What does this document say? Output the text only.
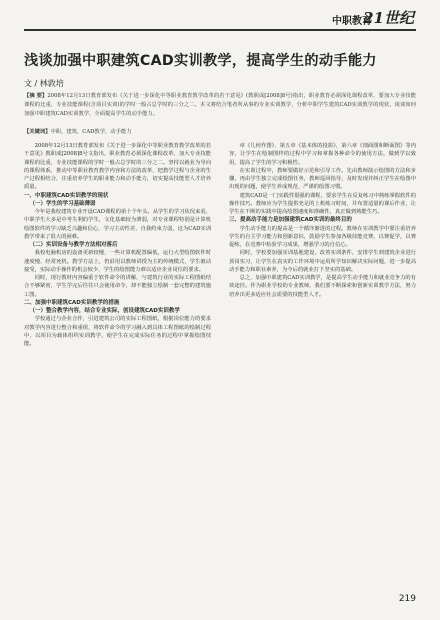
中职教育
21世纪
浅谈加强中职建筑CAD实训教学，提高学生的动手能力
文 / 林敦培
【摘 要】2008年12月13日教育部发布《关于进一步深化中等职业教育教学改革的若干意见》(教职成[2008]8号)指出，职业教育必须深化课程改革，要加大专业技能课程的比重，专业技能课程(含项目实训)的学时一般占总学时的三分之二。本文将结合笔者所从事的专业实训教学，分析中职学生建筑CAD实训教学的现状，谈谈如何加强中职建筑CAD实训教学，全面提高学生的动手能力。
【关键词】中职，建筑，CAD教学，动手能力

2008年12月13日教育部发布《关于进一步深化中等职业教育教学改革的若干意见》教职成[2008]8号文指出，职业教育必须深化课程改革，加大专业技能课程的比重，专业技能课程的学时一般占总学时的三分之二。坚持以就业为导向的课程体系，推动中等职业教育教学内容和方法的改革，把教学过程与企业的生产过程相结合，注重培养学生的职业能力和动手能力，切实提高技能型人才培养质量。

一、中职建筑CAD实训教学的现状
（一）学生的学习基础薄弱

今年是我校建筑专业开设CAD课程的第十个年头。从学生的学习状况来看，中职学生大多是中考失利的学生，文化基础较为薄弱，对专业课程特别是计算机绘图软件的学习缺乏兴趣和信心，学习主动性差，自我约束力弱，这为CAD实训教学带来了很大的困难。

（二）实训设备与教学方法相对落后

我校电脑机房的设备更新较慢，一些计算机配置偏低，运行大型绘图软件时速度慢、经常死机。教学方法上，仍沿用以教师讲授为主的传统模式，学生被动接受，实际动手操作的机会较少，学生的绘图能力难以适应企业岗位的要求。

同时，现行教材内容偏重于软件命令的讲解，与建筑行业的实际工程图纸结合不够紧密，学生学完后往往只会使用命令，却不能独立绘制一套完整的建筑施工图。

二、加强中职建筑CAD实训教学的措施
（一）整合教学内容，结合专业实际，创设建筑CAD实训教学

学校通过与企业合作，引进建筑公司的实际工程图纸，根据岗位能力的要求对教学内容进行整合和重组，将软件命令的学习融入到具体工程图纸的绘制过程中，以项目为载体组织实训教学，使学生在完成实际任务的过程中掌握绘图技能。

章《几何作图》、第五章《基本体的投影》，第六章《剖面图和断面图》等内容，让学生在绘制图样的过程中学习和掌握各种命令的使用方法，做到学以致用，提高了学生的学习积极性。

在实训过程中，教师要做好示范和引导工作。先由教师演示绘图的方法和步骤，再由学生独立完成绘图任务，教师巡回指导，及时发现并纠正学生在绘图中出现的问题，使学生养成规范、严谨的绘图习惯。

建筑CAD是一门实践性很强的课程，要求学生在反复练习中熟练掌握软件的操作技巧。教师应为学生提供充足的上机练习时间，并布置适量的课后作业，让学生在不断的实践中提高绘图速度和准确性，真正做到熟能生巧。

三、提高动手能力是加强建筑CAD实训的最终目的

学生动手能力的提高是一个循序渐进的过程。教师在实训教学中要注重培养学生的自主学习能力和创新意识，鼓励学生参加各级技能竞赛，以赛促学，以赛促练，在竞赛中检验学习成果，增强学习的自信心。

同时，学校要加强实训基地建设，改善实训条件，安排学生到建筑企业进行顶岗实习，让学生在真实的工作环境中运用所学知识解决实际问题，进一步提高动手能力和职业素养，为今后的就业打下坚实的基础。

总之，加强中职建筑CAD实训教学，是提高学生动手能力和就业竞争力的有效途径。作为职业学校的专业教师，我们要不断探索和创新实训教学方法，努力培养出更多适应社会需要的技能型人才。

219
